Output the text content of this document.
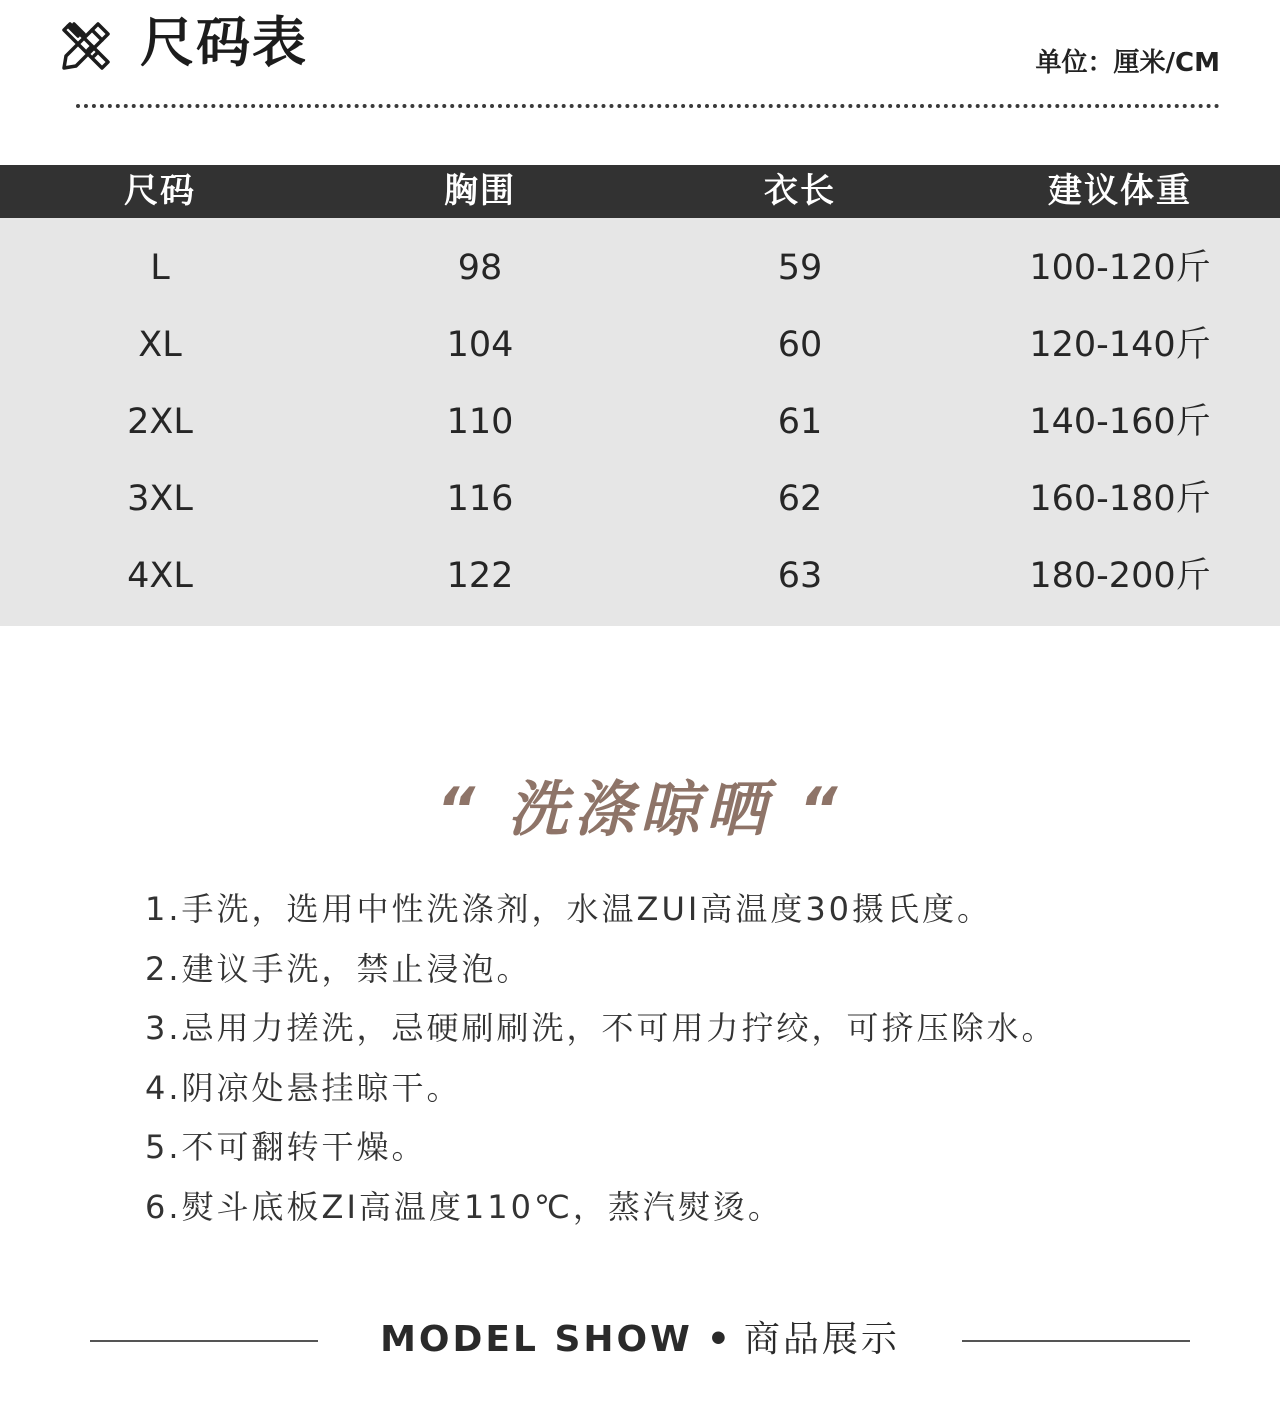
尺码表	单位：厘米/CM
尺码	胸围	衣长	建议体重
L	98	59	100-120斤
XL	104	60	120-140斤
2XL	110	61	140-160斤
3XL	116	62	160-180斤
4XL	122	63	180-200斤
“ 洗涤晾晒 “
1.手洗，选用中性洗涤剂，水温ZUI高温度30摄氏度。
2.建议手洗，禁止浸泡。
3.忌用力搓洗，忌硬刷刷洗，不可用力拧绞，可挤压除水。
4.阴凉处悬挂晾干。
5.不可翻转干燥。
6.熨斗底板ZI高温度110℃，蒸汽熨烫。
MODEL SHOW • 商品展示
